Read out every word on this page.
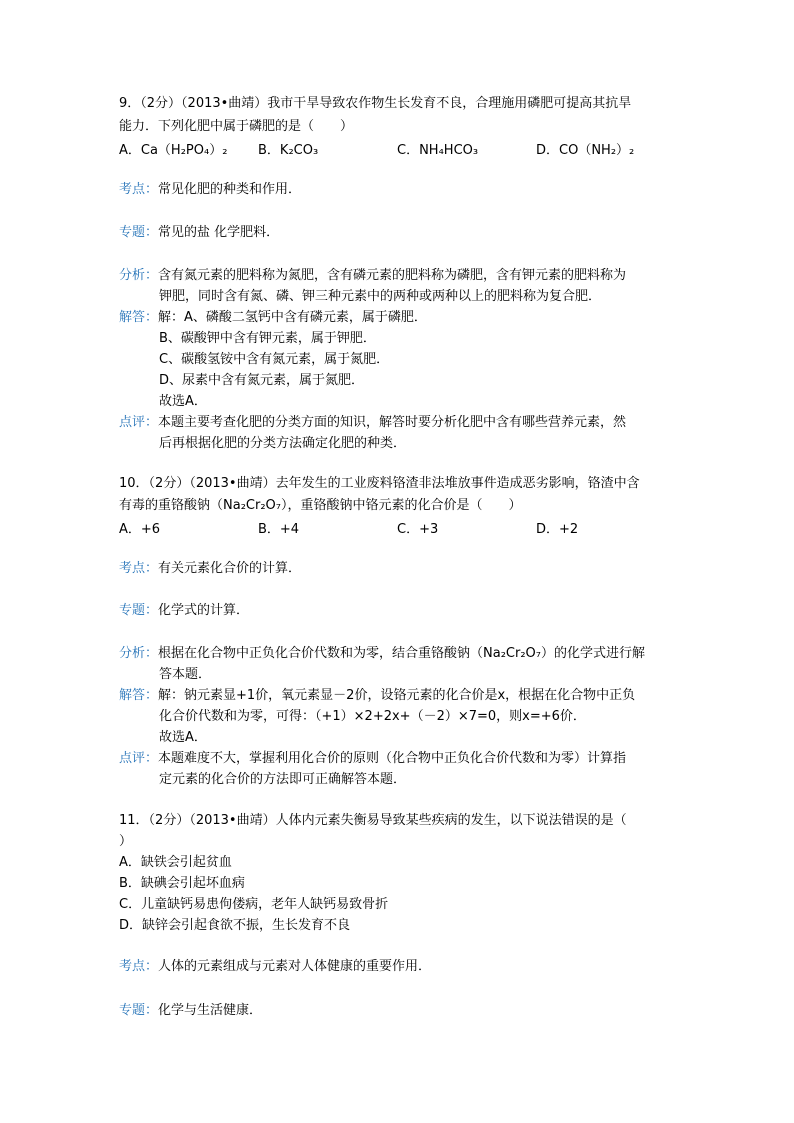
9．（2分）（2013•曲靖）我市干旱导致农作物生长发育不良，合理施用磷肥可提高其抗旱
能力．下列化肥中属于磷肥的是（　　）
A．Ca（H₂PO₄）₂ B．K₂CO₃	C．NH₄HCO₃	D．CO（NH₂）₂
考点：常见化肥的种类和作用．
专题：常见的盐 化学肥料．
分析：含有氮元素的肥料称为氮肥，含有磷元素的肥料称为磷肥，含有钾元素的肥料称为
钾肥，同时含有氮、磷、钾三种元素中的两种或两种以上的肥料称为复合肥．
解答：解：A、磷酸二氢钙中含有磷元素，属于磷肥．
B、碳酸钾中含有钾元素，属于钾肥．
C、碳酸氢铵中含有氮元素，属于氮肥．
D、尿素中含有氮元素，属于氮肥．
故选A．
点评：本题主要考查化肥的分类方面的知识，解答时要分析化肥中含有哪些营养元素，然
后再根据化肥的分类方法确定化肥的种类．
10．（2分）（2013•曲靖）去年发生的工业废料铬渣非法堆放事件造成恶劣影响，铬渣中含
有毒的重铬酸钠（Na₂Cr₂O₇），重铬酸钠中铬元素的化合价是（　　）
A．+6	B．+4	C．+3	D．+2
考点：有关元素化合价的计算．
专题：化学式的计算．
分析：根据在化合物中正负化合价代数和为零，结合重铬酸钠（Na₂Cr₂O₇）的化学式进行解
答本题．
解答：解：钠元素显+1价，氧元素显－2价，设铬元素的化合价是x，根据在化合物中正负
化合价代数和为零，可得：（+1）×2+2x+（－2）×7=0，则x=+6价．
故选A．
点评：本题难度不大，掌握利用化合价的原则（化合物中正负化合价代数和为零）计算指
定元素的化合价的方法即可正确解答本题．
11．（2分）（2013•曲靖）人体内元素失衡易导致某些疾病的发生，以下说法错误的是（
）
A．缺铁会引起贫血
B．缺碘会引起坏血病
C．儿童缺钙易患佝偻病，老年人缺钙易致骨折
D．缺锌会引起食欲不振，生长发育不良
考点：人体的元素组成与元素对人体健康的重要作用．
专题：化学与生活健康．
